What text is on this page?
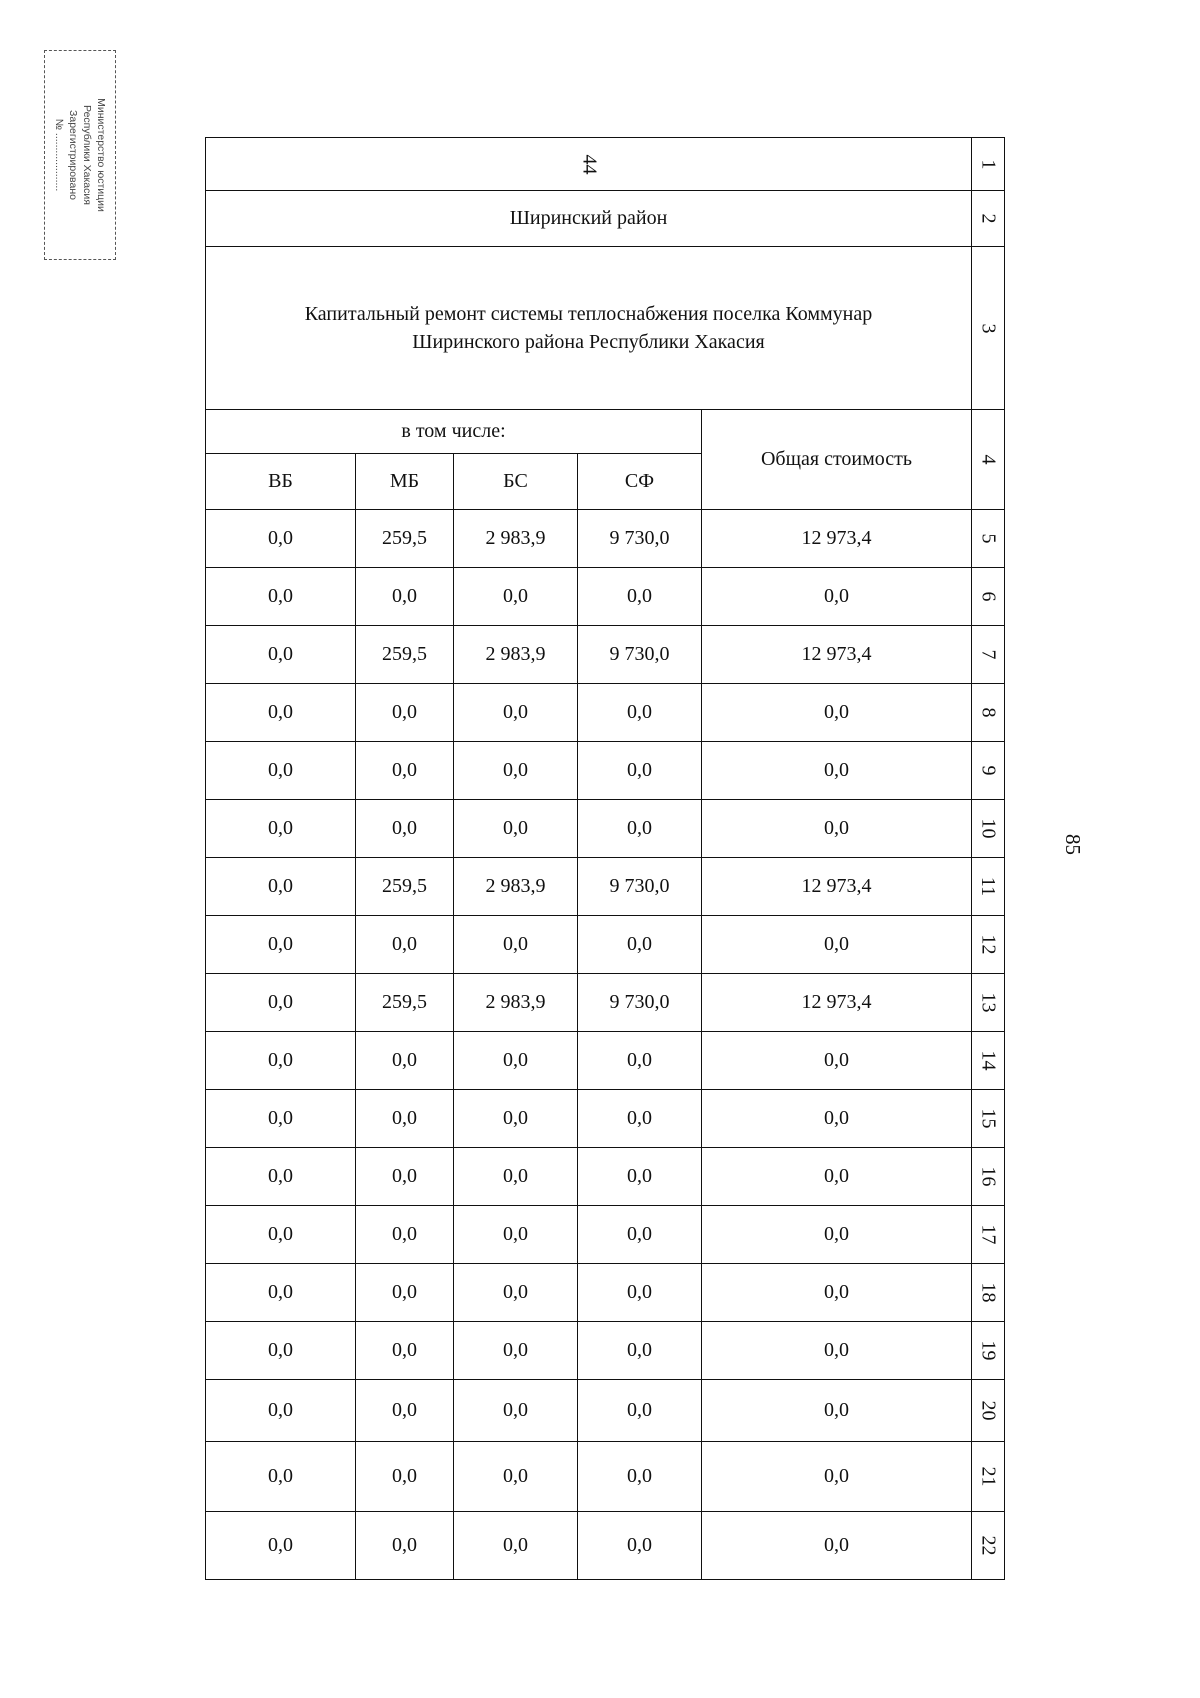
Министерство юстиции
Республики Хакасия
Зарегистрировано
№ ....................
85
44					1
Ширинский район					2

Капитальный ремонт системы теплоснабжения поселка Коммунар
Ширинского района Республики Хакасия					3
в том числе:				Общая стоимость	4
ВБ	МБ	БС	СФ		
0,0	259,5	2 983,9	9 730,0	12 973,4	5
0,0	0,0	0,0	0,0	0,0	6
0,0	259,5	2 983,9	9 730,0	12 973,4	7
0,0	0,0	0,0	0,0	0,0	8
0,0	0,0	0,0	0,0	0,0	9
0,0	0,0	0,0	0,0	0,0	10
0,0	259,5	2 983,9	9 730,0	12 973,4	11
0,0	0,0	0,0	0,0	0,0	12
0,0	259,5	2 983,9	9 730,0	12 973,4	13
0,0	0,0	0,0	0,0	0,0	14
0,0	0,0	0,0	0,0	0,0	15
0,0	0,0	0,0	0,0	0,0	16
0,0	0,0	0,0	0,0	0,0	17
0,0	0,0	0,0	0,0	0,0	18
0,0	0,0	0,0	0,0	0,0	19
0,0	0,0	0,0	0,0	0,0	20
0,0	0,0	0,0	0,0	0,0	21
0,0	0,0	0,0	0,0	0,0	22
